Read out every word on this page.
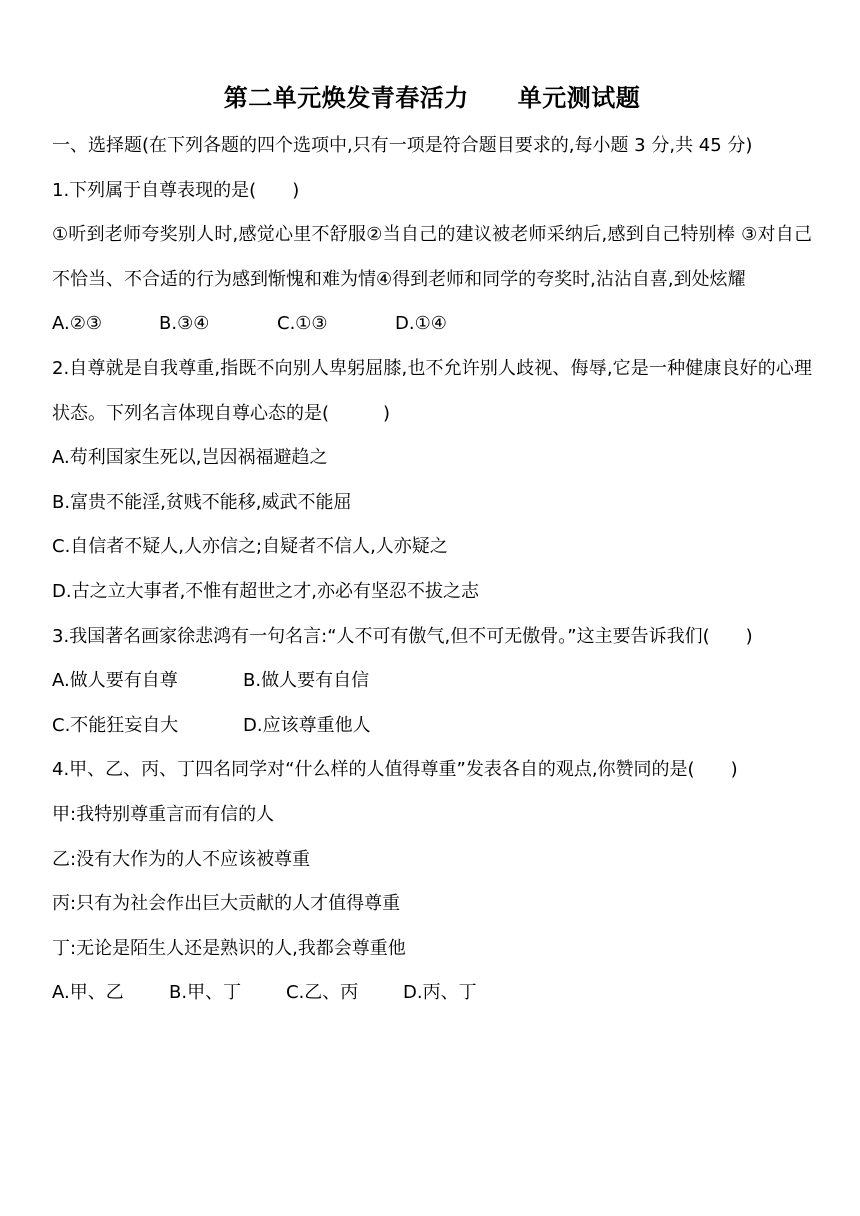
第二单元焕发青春活力　　单元测试题
一、选择题(在下列各题的四个选项中,只有一项是符合题目要求的,每小题 3 分,共 45 分)
1.下列属于自尊表现的是(　　)
①听到老师夸奖别人时,感觉心里不舒服②当自己的建议被老师采纳后,感到自己特别棒 ③对自己不恰当、不合适的行为感到惭愧和难为情④得到老师和同学的夸奖时,沾沾自喜,到处炫耀
A.②③	B.③④	C.①③	D.①④
2.自尊就是自我尊重,指既不向别人卑躬屈膝,也不允许别人歧视、侮辱,它是一种健康良好的心理状态。下列名言体现自尊心态的是(　　　)
A.苟利国家生死以,岂因祸福避趋之
B.富贵不能淫,贫贱不能移,威武不能屈
C.自信者不疑人,人亦信之;自疑者不信人,人亦疑之
D.古之立大事者,不惟有超世之才,亦必有坚忍不拔之志
3.我国著名画家徐悲鸿有一句名言:“人不可有傲气,但不可无傲骨。”这主要告诉我们(　　)
A.做人要有自尊	B.做人要有自信
C.不能狂妄自大	D.应该尊重他人
4.甲、乙、丙、丁四名同学对“什么样的人值得尊重”发表各自的观点,你赞同的是(　　)
甲:我特别尊重言而有信的人
乙:没有大作为的人不应该被尊重
丙:只有为社会作出巨大贡献的人才值得尊重
丁:无论是陌生人还是熟识的人,我都会尊重他
A.甲、乙	B.甲、丁	C.乙、丙	D.丙、丁
